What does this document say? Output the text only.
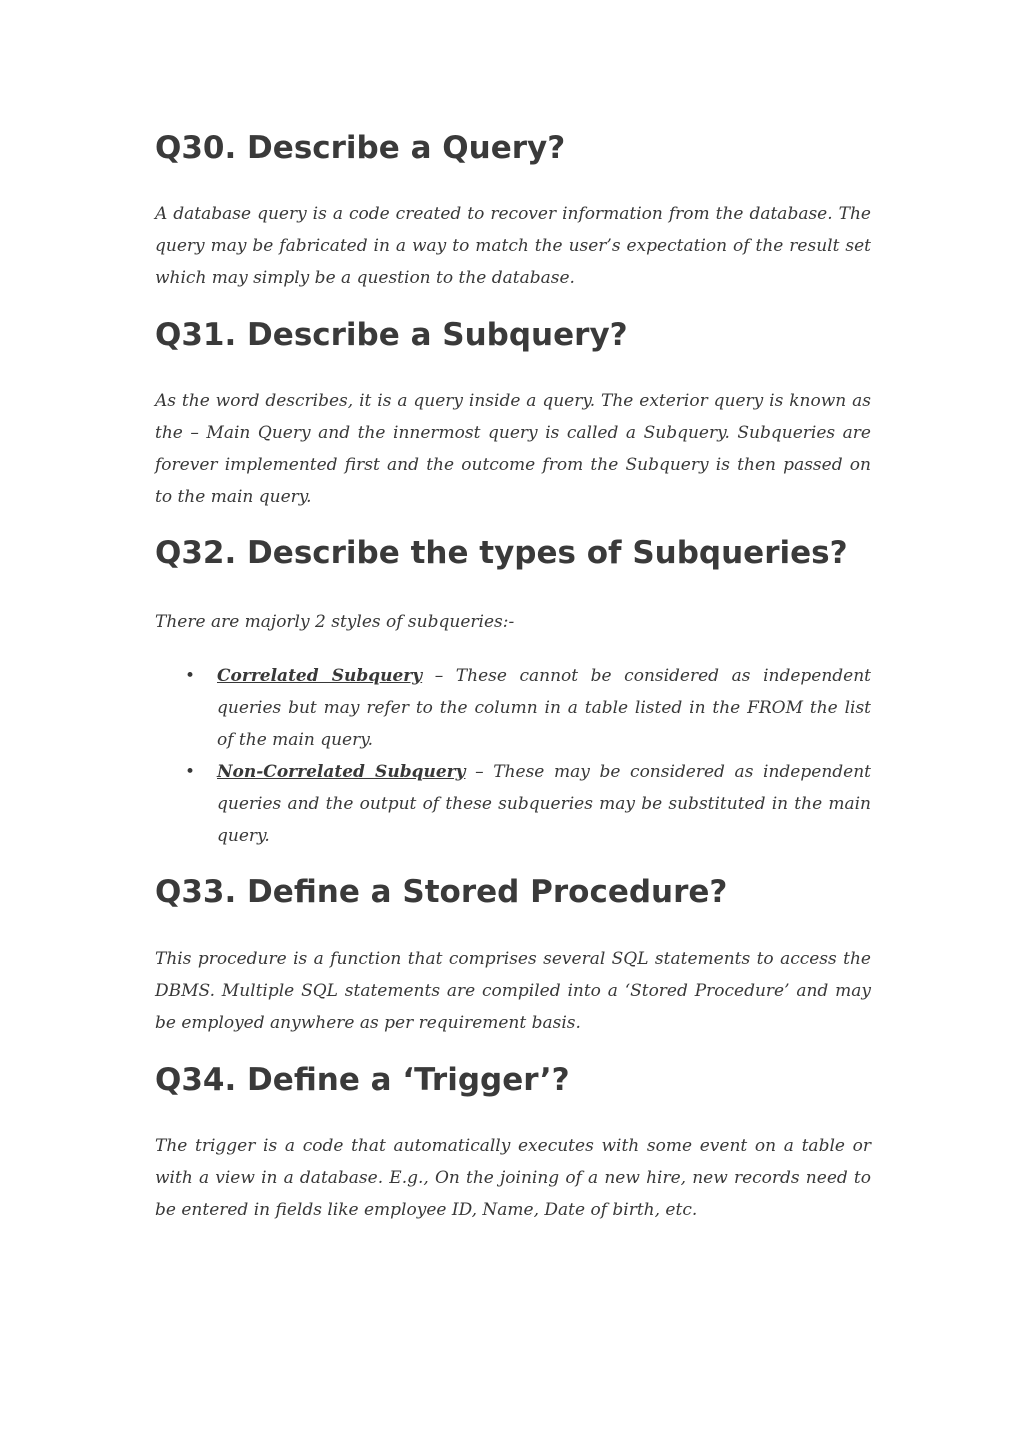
Q30. Describe a Query?

A database query is a code created to recover information from the database. The query may be fabricated in a way to match the user’s expectation of the result set which may simply be a question to the database.

Q31. Describe a Subquery?

As the word describes, it is a query inside a query. The exterior query is known as the – Main Query and the innermost query is called a Subquery. Subqueries are forever implemented first and the outcome from the Subquery is then passed on to the main query.

Q32. Describe the types of Subqueries?

There are majorly 2 styles of subqueries:-

• Correlated Subquery – These cannot be considered as independent queries but may refer to the column in a table listed in the FROM the list of the main query.
• Non-Correlated Subquery – These may be considered as independent queries and the output of these subqueries may be substituted in the main query.
Q33. Define a Stored Procedure?

This procedure is a function that comprises several SQL statements to access the DBMS. Multiple SQL statements are compiled into a ‘Stored Procedure’ and may be employed anywhere as per requirement basis.

Q34. Define a ‘Trigger’?

The trigger is a code that automatically executes with some event on a table or with a view in a database. E.g., On the joining of a new hire, new records need to be entered in fields like employee ID, Name, Date of birth, etc.
